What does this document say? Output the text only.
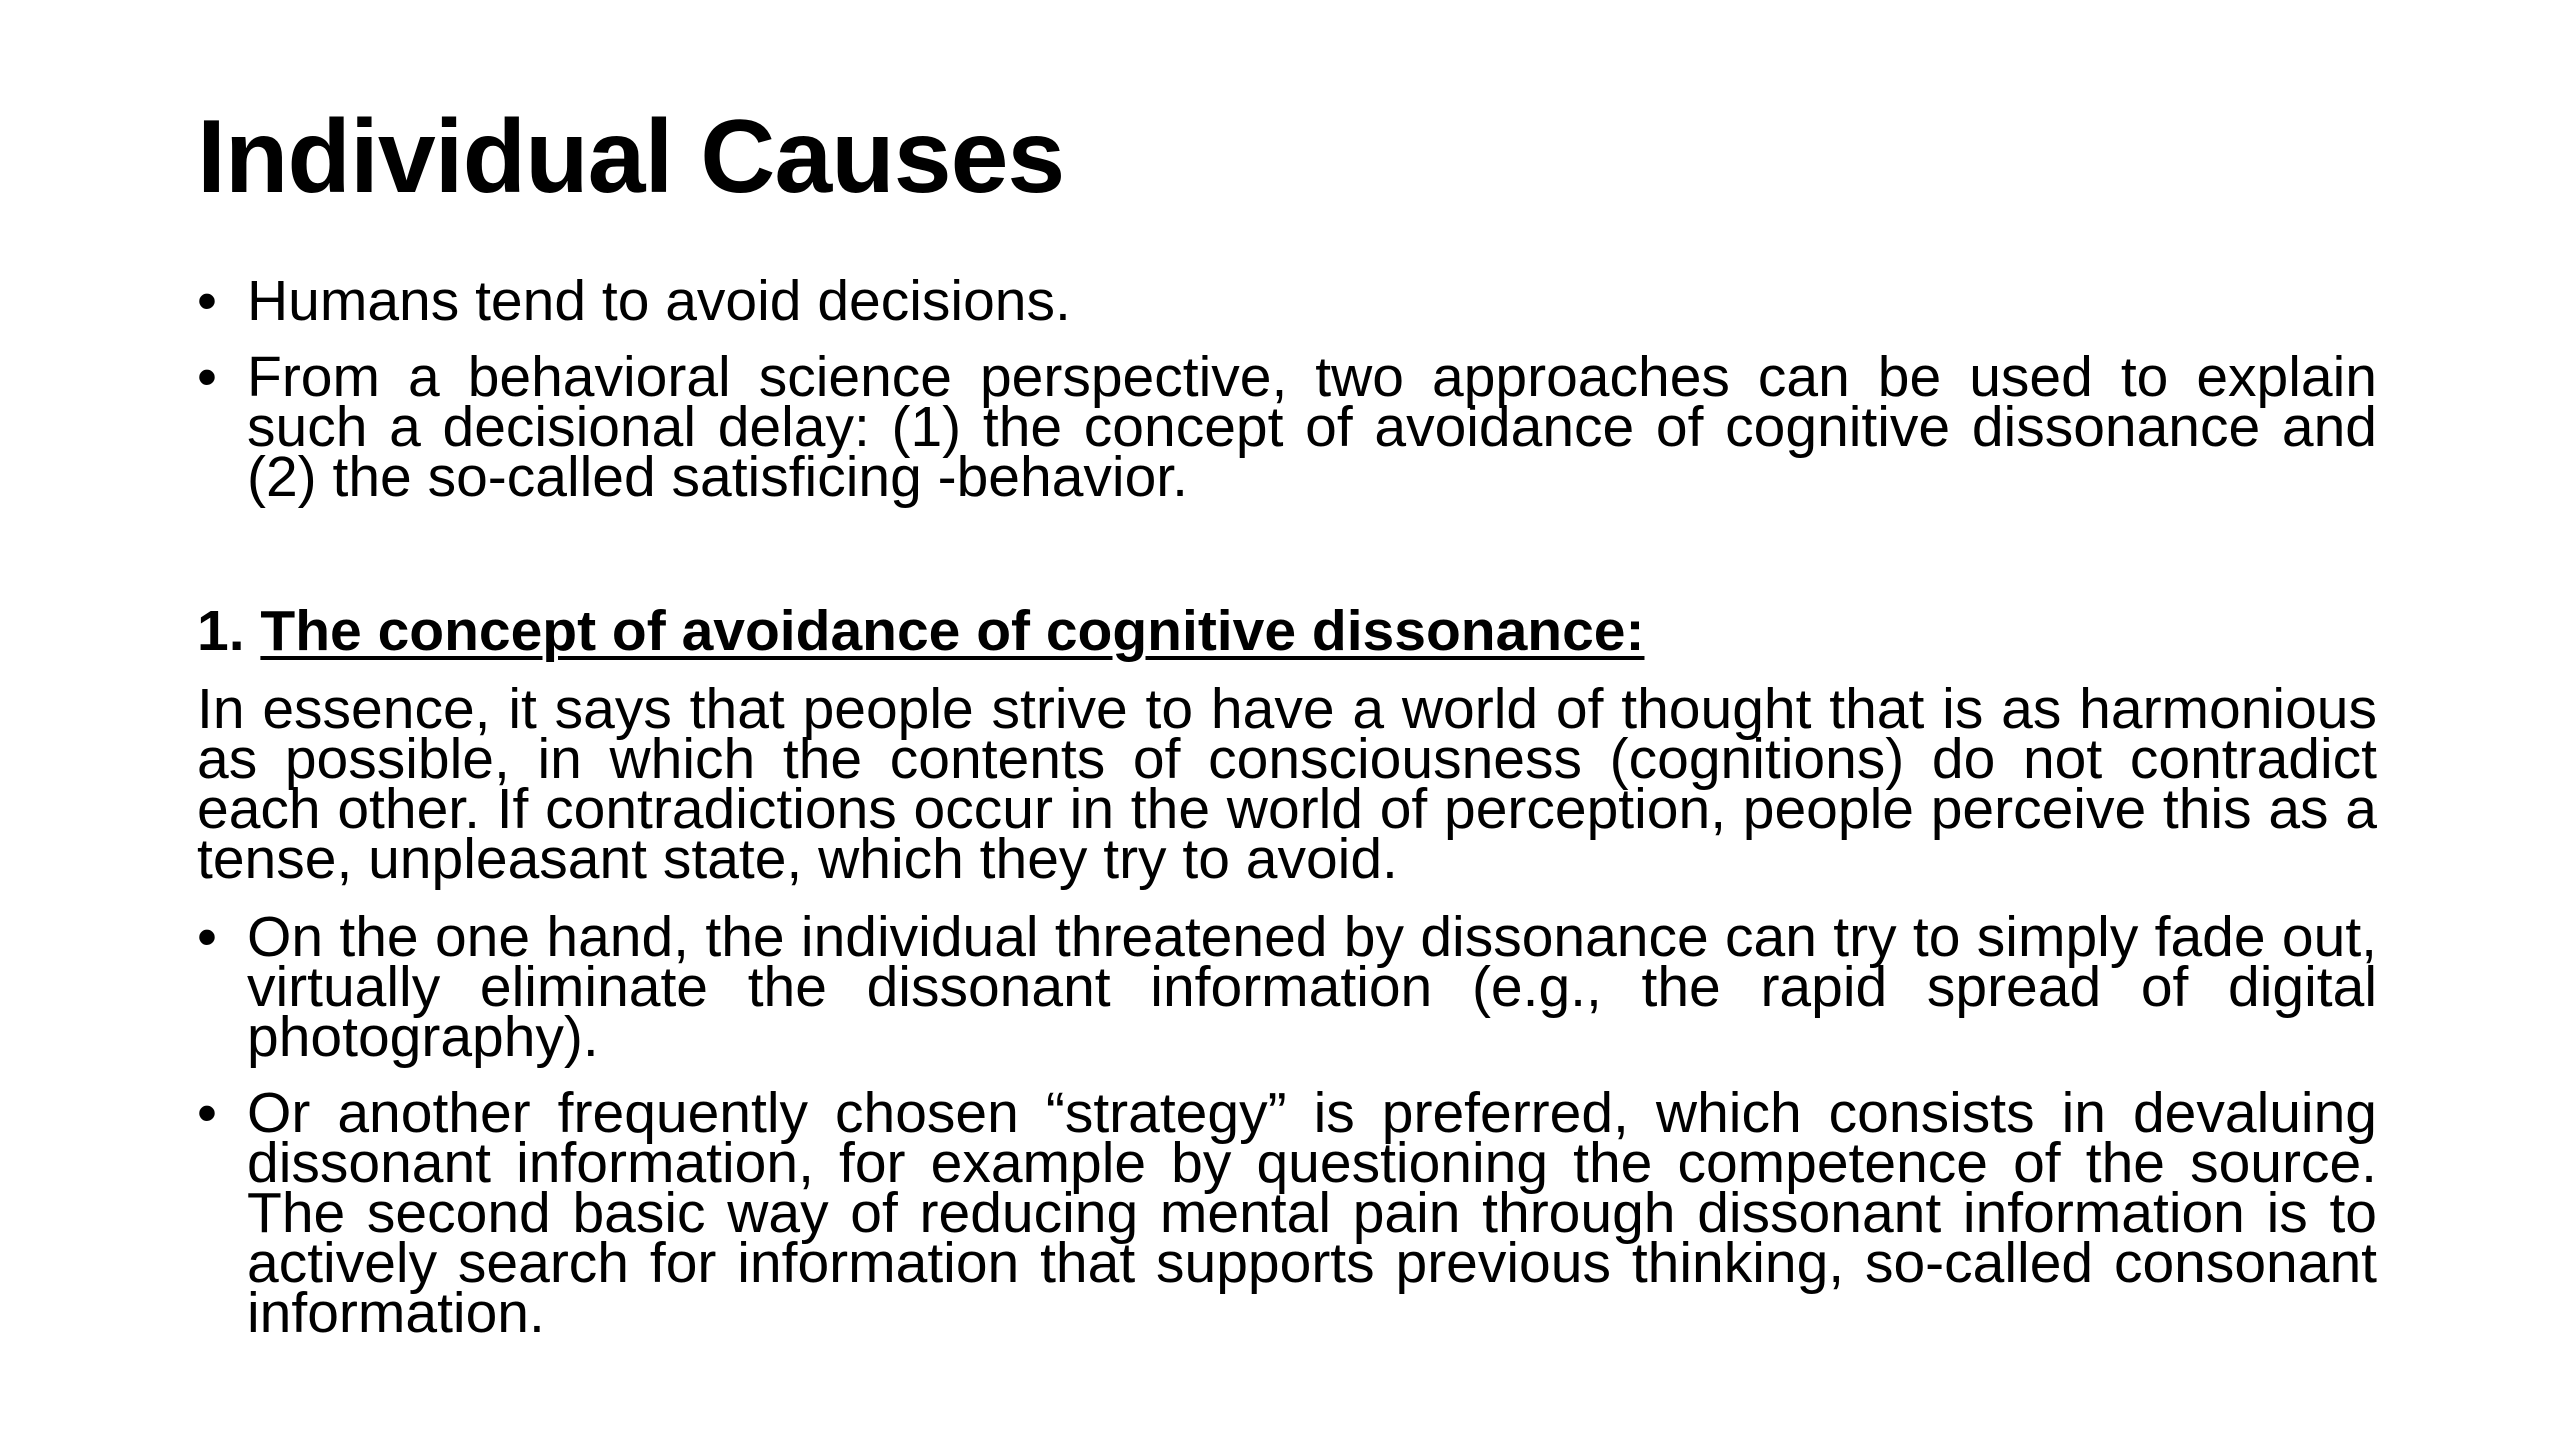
Individual Causes
• Humans tend to avoid decisions.
• From a behavioral science perspective, two approaches can be used to explain such a decisional delay: (1) the concept of avoidance of cognitive dissonance and (2) the so-called satisficing -behavior.
1. The concept of avoidance of cognitive dissonance:
In essence, it says that people strive to have a world of thought that is as harmonious as possible, in which the contents of consciousness (cognitions) do not contradict each other. If contradictions occur in the world of perception, people perceive this as a tense, unpleasant state, which they try to avoid.
• On the one hand, the individual threatened by dissonance can try to simply fade out, virtually eliminate the dissonant information (e.g., the rapid spread of digital photography).
• Or another frequently chosen “strategy” is preferred, which consists in devaluing dissonant information, for example by questioning the competence of the source. The second basic way of reducing mental pain through dissonant information is to actively search for information that supports previous thinking, so-called consonant information.
